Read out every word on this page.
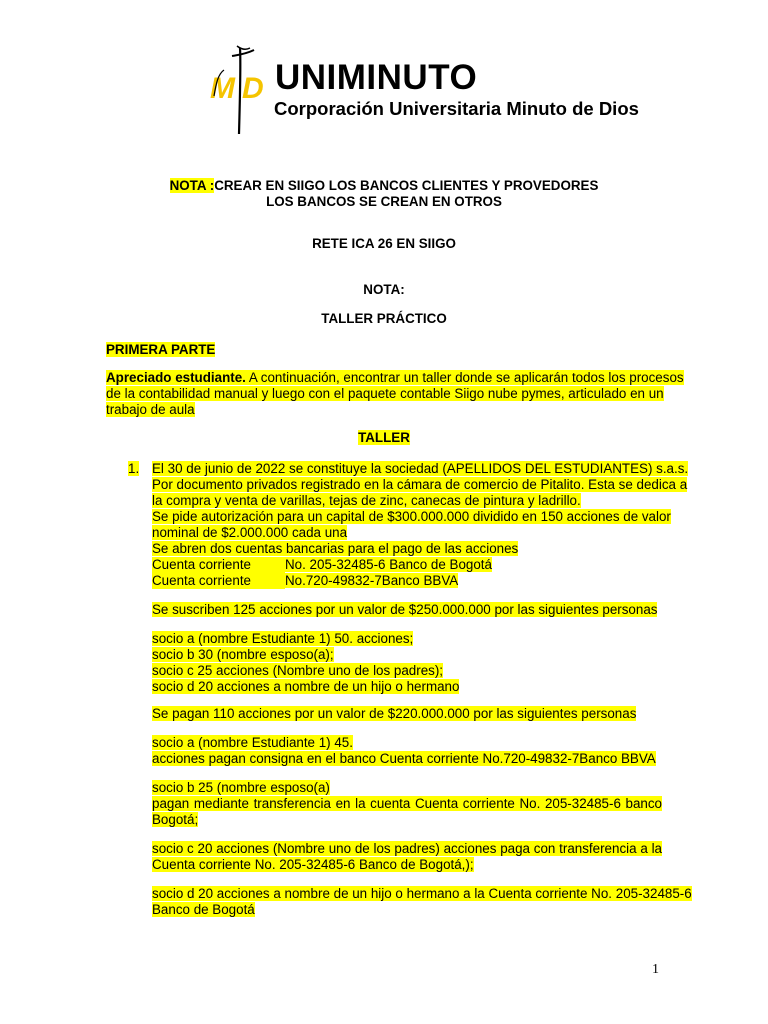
M D UNIMINUTO
Corporación Universitaria Minuto de Dios
NOTA :CREAR EN SIIGO LOS BANCOS CLIENTES Y PROVEDORES
LOS BANCOS SE CREAN EN OTROS
RETE ICA 26 EN SIIGO
NOTA:
TALLER PRÁCTICO
PRIMERA PARTE
Apreciado estudiante. A continuación, encontrar un taller donde se aplicarán todos los procesos
de la contabilidad manual y luego con el paquete contable Siigo nube pymes, articulado en un
trabajo de aula
TALLER
1. El 30 de junio de 2022 se constituye la sociedad (APELLIDOS DEL ESTUDIANTES) s.a.s.
Por documento privados registrado en la cámara de comercio de Pitalito. Esta se dedica a
la compra y venta de varillas, tejas de zinc, canecas de pintura y ladrillo.
Se pide autorización para un capital de $300.000.000 dividido en 150 acciones de valor
nominal de $2.000.000 cada una
Se abren dos cuentas bancarias para el pago de las acciones
Cuenta corriente	No. 205-32485-6 Banco de Bogotá
Cuenta corriente	No.720-49832-7Banco BBVA
Se suscriben 125 acciones por un valor de $250.000.000 por las siguientes personas
socio a (nombre Estudiante 1) 50. acciones;
socio b 30 (nombre esposo(a);
socio c 25 acciones (Nombre uno de los padres);
socio d 20 acciones a nombre de un hijo o hermano
Se pagan 110 acciones por un valor de $220.000.000 por las siguientes personas
socio a (nombre Estudiante 1) 45.
acciones pagan consigna en el banco Cuenta corriente No.720-49832-7Banco BBVA
socio b 25 (nombre esposo(a)
pagan mediante transferencia en la cuenta Cuenta corriente No. 205-32485-6 banco
Bogotá;
socio c 20 acciones (Nombre uno de los padres) acciones paga con transferencia a la
Cuenta corriente No. 205-32485-6 Banco de Bogotá,);
socio d 20 acciones a nombre de un hijo o hermano a la Cuenta corriente No. 205-32485-6
Banco de Bogotá
1
